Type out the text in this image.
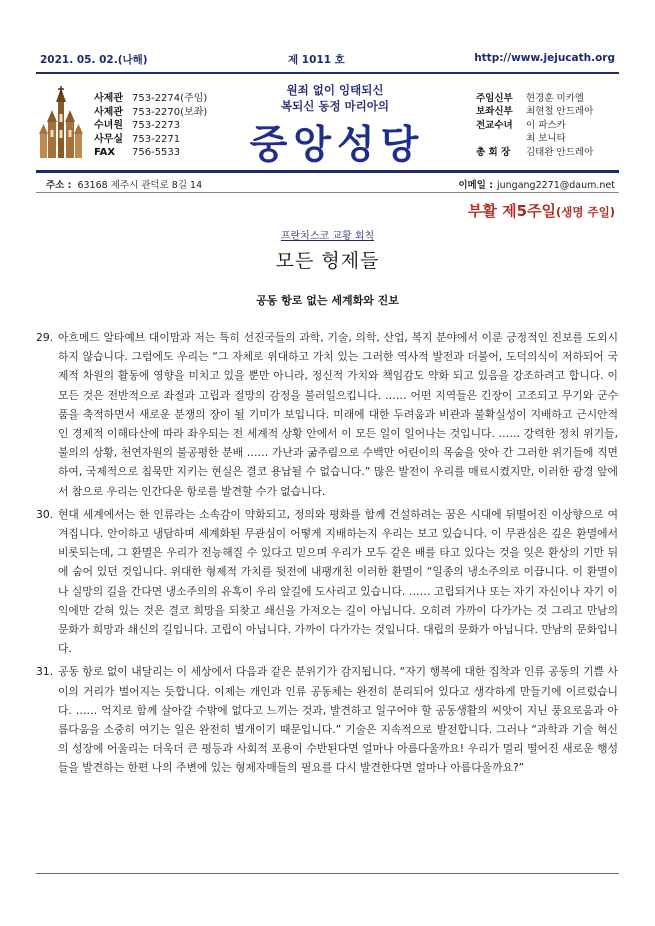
2021. 05. 02.(나해)	제 1011 호	http://www.jejucath.org
사제관 753-2274(주임)
사제관 753-2270(보좌)
수녀원 753-2273
사무실 753-2271
FAX 756-5533
원죄 없이 잉태되신
복되신 동정 마리아의
중앙성당
주임신부 현경훈 미카엘
보좌신부 최현철 안드레아
전교수녀 이 파스카
최 보니타
총 회 장 김태완 안드레아
주소 : 63168 제주시 관덕로 8길 14	이메일 : jungang2271@daum.net
부활 제5주일(생명 주일)
프란치스코 교황 회칙
모든 형제들
공동 항로 없는 세계화와 진보
29. 아흐메드 알타예브 대이맘과 저는 특히 선진국들의 과학, 기술, 의학, 산업, 복지 분야에서 이룬 긍정적인 진보를 도외시하지 않습니다. 그럼에도 우리는 “그 자체로 위대하고 가치 있는 그러한 역사적 발전과 더불어, 도덕의식이 저하되어 국제적 차원의 활동에 영향을 미치고 있을 뿐만 아니라, 정신적 가치와 책임감도 약화 되고 있음을 강조하려고 합니다. 이 모든 것은 전반적으로 좌절과 고립과 절망의 감정을 불러일으킵니다. …… 어떤 지역들은 긴장이 고조되고 무기와 군수품을 축적하면서 새로운 분쟁의 장이 될 기미가 보입니다. 미래에 대한 두려움과 비관과 불확실성이 지배하고 근시안적인 경제적 이해타산에 따라 좌우되는 전 세계적 상황 안에서 이 모든 일이 일어나는 것입니다. …… 강력한 정치 위기들, 불의의 상황, 천연자원의 불공평한 분배 …… 가난과 굶주림으로 수백만 어린이의 목숨을 앗아 간 그러한 위기들에 직면하여, 국제적으로 침묵만 지키는 현실은 결코 용납될 수 없습니다.” 많은 발전이 우리를 매료시켰지만, 이러한 광경 앞에서 참으로 우리는 인간다운 항로를 발견할 수가 없습니다.
30. 현대 세계에서는 한 인류라는 소속감이 약화되고, 정의와 평화를 함께 건설하려는 꿈은 시대에 뒤떨어진 이상향으로 여겨집니다. 안이하고 냉담하며 세계화된 무관심이 어떻게 지배하는지 우리는 보고 있습니다. 이 무관심은 깊은 환멸에서 비롯되는데, 그 환멸은 우리가 전능해질 수 있다고 믿으며 우리가 모두 같은 배를 타고 있다는 것을 잊은 환상의 기만 뒤에 숨어 있던 것입니다. 위대한 형제적 가치를 뒷전에 내팽개친 이러한 환멸이 “일종의 냉소주의로 이끕니다. 이 환멸이나 실망의 길을 간다면 냉소주의의 유혹이 우리 앞길에 도사리고 있습니다. …… 고립되거나 또는 자기 자신이나 자기 이익에만 갇혀 있는 것은 결코 희망을 되찾고 쇄신을 가져오는 길이 아닙니다. 오히려 가까이 다가가는 것 그리고 만남의 문화가 희망과 쇄신의 길입니다. 고립이 아닙니다. 가까이 다가가는 것입니다. 대립의 문화가 아닙니다. 만남의 문화입니다.
31. 공동 항로 없이 내달리는 이 세상에서 다음과 같은 분위기가 감지됩니다. “자기 행복에 대한 집착과 인류 공동의 기쁨 사이의 거리가 벌어지는 듯합니다. 이제는 개인과 인류 공동체는 완전히 분리되어 있다고 생각하게 만들기에 이르렀습니다. …… 억지로 함께 살아갈 수밖에 없다고 느끼는 것과, 발견하고 일구어야 할 공동생활의 씨앗이 지닌 풍요로움과 아름다움을 소중히 여기는 일은 완전히 별개이기 때문입니다.” 기술은 지속적으로 발전합니다. 그러나 “과학과 기술 혁신의 성장에 어울리는 더욱더 큰 평등과 사회적 포용이 수반된다면 얼마나 아름다울까요! 우리가 멀리 떨어진 새로운 행성들을 발견하는 한편 나의 주변에 있는 형제자매들의 필요를 다시 발견한다면 얼마나 아름다울까요?”
